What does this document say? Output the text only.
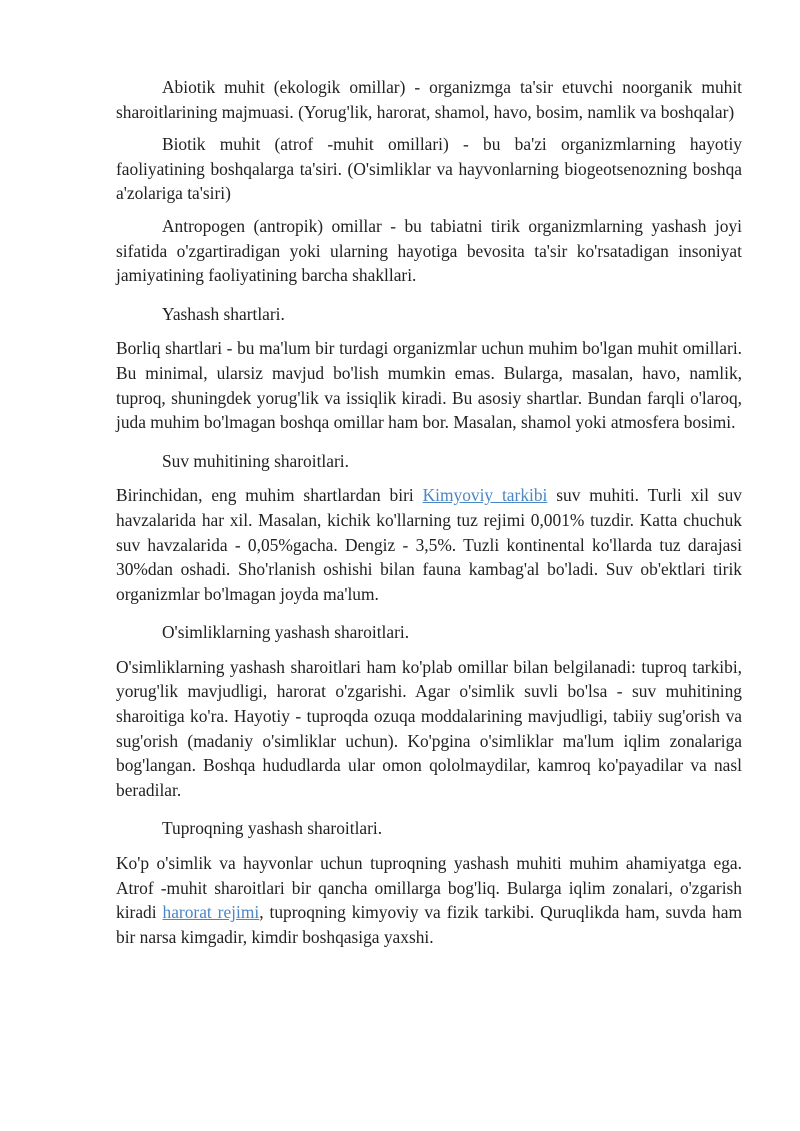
Abiotik muhit (ekologik omillar) - organizmga ta'sir etuvchi noorganik muhit sharoitlarining majmuasi. (Yorug'lik, harorat, shamol, havo, bosim, namlik va boshqalar)

Biotik muhit (atrof -muhit omillari) - bu ba'zi organizmlarning hayotiy faoliyatining boshqalarga ta'siri. (O'simliklar va hayvonlarning biogeotsenozning boshqa a'zolariga ta'siri)

Antropogen (antropik) omillar - bu tabiatni tirik organizmlarning yashash joyi sifatida o'zgartiradigan yoki ularning hayotiga bevosita ta'sir ko'rsatadigan insoniyat jamiyatining faoliyatining barcha shakllari.

Yashash shartlari.

Borliq shartlari - bu ma'lum bir turdagi organizmlar uchun muhim bo'lgan muhit omillari. Bu minimal, ularsiz mavjud bo'lish mumkin emas. Bularga, masalan, havo, namlik, tuproq, shuningdek yorug'lik va issiqlik kiradi. Bu asosiy shartlar. Bundan farqli o'laroq, juda muhim bo'lmagan boshqa omillar ham bor. Masalan, shamol yoki atmosfera bosimi.

Suv muhitining sharoitlari.

Birinchidan, eng muhim shartlardan biri Kimyoviy tarkibi suv muhiti. Turli xil suv havzalarida har xil. Masalan, kichik ko'llarning tuz rejimi 0,001% tuzdir. Katta chuchuk suv havzalarida - 0,05%gacha. Dengiz - 3,5%. Tuzli kontinental ko'llarda tuz darajasi 30%dan oshadi. Sho'rlanish oshishi bilan fauna kambag'al bo'ladi. Suv ob'ektlari tirik organizmlar bo'lmagan joyda ma'lum.

O'simliklarning yashash sharoitlari.

O'simliklarning yashash sharoitlari ham ko'plab omillar bilan belgilanadi: tuproq tarkibi, yorug'lik mavjudligi, harorat o'zgarishi. Agar o'simlik suvli bo'lsa - suv muhitining sharoitiga ko'ra. Hayotiy - tuproqda ozuqa moddalarining mavjudligi, tabiiy sug'orish va sug'orish (madaniy o'simliklar uchun). Ko'pgina o'simliklar ma'lum iqlim zonalariga bog'langan. Boshqa hududlarda ular omon qololmaydilar, kamroq ko'payadilar va nasl beradilar.

Tuproqning yashash sharoitlari.

Ko'p o'simlik va hayvonlar uchun tuproqning yashash muhiti muhim ahamiyatga ega. Atrof -muhit sharoitlari bir qancha omillarga bog'liq. Bularga iqlim zonalari, o'zgarish kiradi harorat rejimi, tuproqning kimyoviy va fizik tarkibi. Quruqlikda ham, suvda ham bir narsa kimgadir, kimdir boshqasiga yaxshi.
